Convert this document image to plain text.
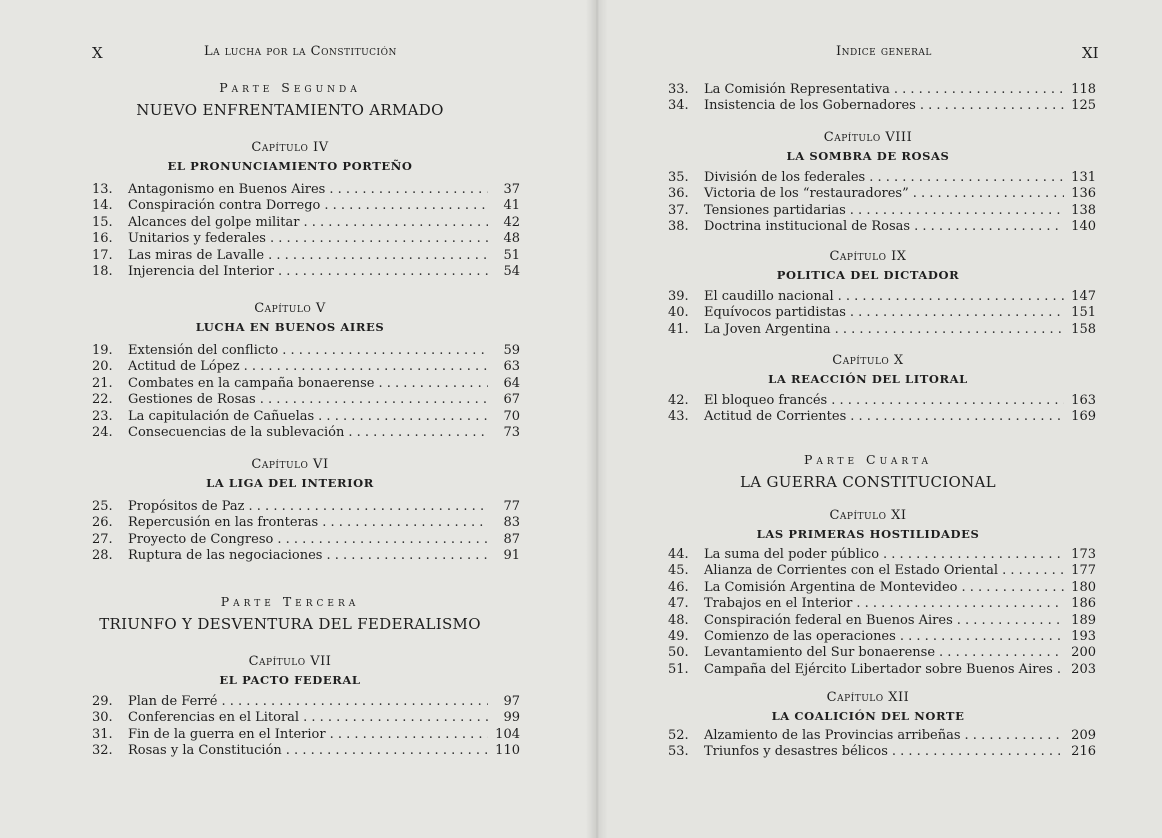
X	La lucha por la Constitución
Parte Segunda
NUEVO ENFRENTAMIENTO ARMADO
Capítulo IV
EL PRONUNCIAMIENTO PORTEÑO
13.	Antagonismo en Buenos Aires . . .	37
14.	Conspiración contra Dorrego . . .	41
15.	Alcances del golpe militar . . .	42
16.	Unitarios y federales . . .	48
17.	Las miras de Lavalle . . .	51
18.	Injerencia del Interior . . .	54
Capítulo V
LUCHA EN BUENOS AIRES
19.	Extensión del conflicto . . .	59
20.	Actitud de López . . .	63
21.	Combates en la campaña bonaerense . . .	64
22.	Gestiones de Rosas . . .	67
23.	La capitulación de Cañuelas . . .	70
24.	Consecuencias de la sublevación . . .	73
Capítulo VI
LA LIGA DEL INTERIOR
25.	Propósitos de Paz . . .	77
26.	Repercusión en las fronteras . . .	83
27.	Proyecto de Congreso . . .	87
28.	Ruptura de las negociaciones . . .	91
Parte Tercera
TRIUNFO Y DESVENTURA DEL FEDERALISMO
Capítulo VII
EL PACTO FEDERAL
29.	Plan de Ferré . . .	97
30.	Conferencias en el Litoral . . .	99
31.	Fin de la guerra en el Interior . . .	104
32.	Rosas y la Constitución . . .	110
Indice general	XI
33.	La Comisión Representativa . . .	118
34.	Insistencia de los Gobernadores . . .	125
Capítulo VIII
LA SOMBRA DE ROSAS
35.	División de los federales . . .	131
36.	Victoria de los “restauradores” . . .	136
37.	Tensiones partidarias . . .	138
38.	Doctrina institucional de Rosas . . .	140
Capítulo IX
POLITICA DEL DICTADOR
39.	El caudillo nacional . . .	147
40.	Equívocos partidistas . . .	151
41.	La Joven Argentina . . .	158
Capítulo X
LA REACCIÓN DEL LITORAL
42.	El bloqueo francés . . .	163
43.	Actitud de Corrientes . . .	169
Parte Cuarta
LA GUERRA CONSTITUCIONAL
Capítulo XI
LAS PRIMERAS HOSTILIDADES
44.	La suma del poder público . . .	173
45.	Alianza de Corrientes con el Estado Oriental . . .	177
46.	La Comisión Argentina de Montevideo . . .	180
47.	Trabajos en el Interior . . .	186
48.	Conspiración federal en Buenos Aires . . .	189
49.	Comienzo de las operaciones . . .	193
50.	Levantamiento del Sur bonaerense . . .	200
51.	Campaña del Ejército Libertador sobre Buenos Aires . . . 203
Capítulo XII
LA COALICIÓN DEL NORTE
52.	Alzamiento de las Provincias arribeñas . . .	209
53.	Triunfos y desastres bélicos . . .	216
